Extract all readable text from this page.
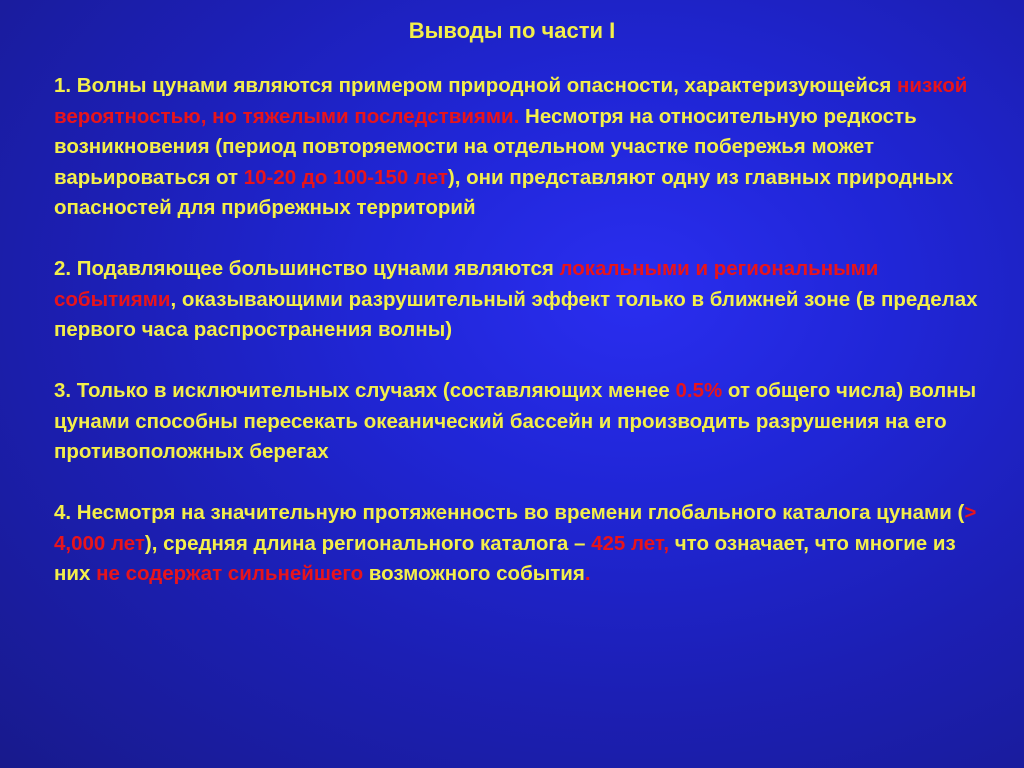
Выводы по части I

1. Волны цунами являются примером природной опасности, характеризующейся низкой вероятностью, но тяжелыми последствиями. Несмотря на относительную редкость возникновения (период повторяемости на отдельном участке побережья может варьироваться от 10-20 до 100-150 лет), они представляют одну из главных природных опасностей для прибрежных территорий

2. Подавляющее большинство цунами являются локальными и региональными событиями, оказывающими разрушительный эффект только в ближней зоне (в пределах первого часа распространения волны)

3. Только в исключительных случаях (составляющих менее 0.5% от общего числа) волны цунами способны пересекать океанический бассейн и производить разрушения на его противоположных берегах

4. Несмотря на значительную протяженность во времени глобального каталога цунами (> 4,000 лет), средняя длина регионального каталога – 425 лет, что означает, что многие из них не содержат сильнейшего возможного события.
